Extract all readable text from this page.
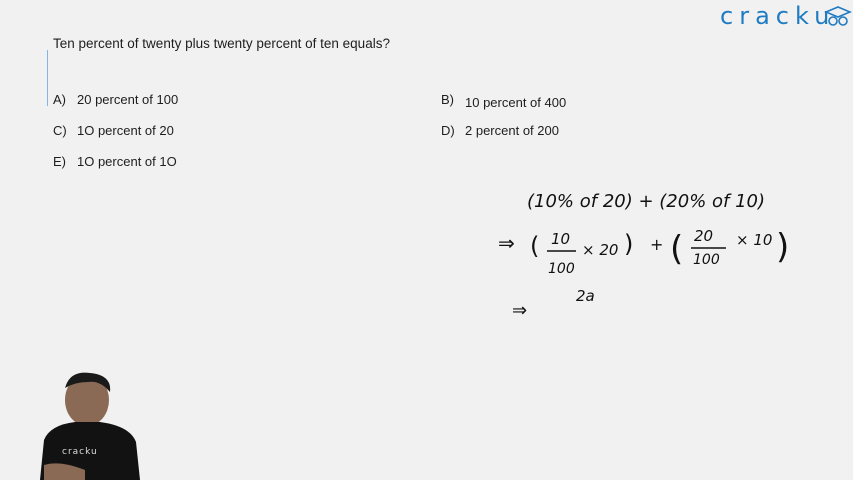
cracku
Ten percent of twenty plus twenty percent of ten equals?
A) 20 percent of 100	B) 10 percent of 400
C) 1O percent of 20	D) 2 percent of 200
E) 1O percent of 1O
(10% of 20) + (20% of 10)
⇒ ( 10
100
× 20 ) + ( 20
100
× 10 )
⇒
2a
cracku
